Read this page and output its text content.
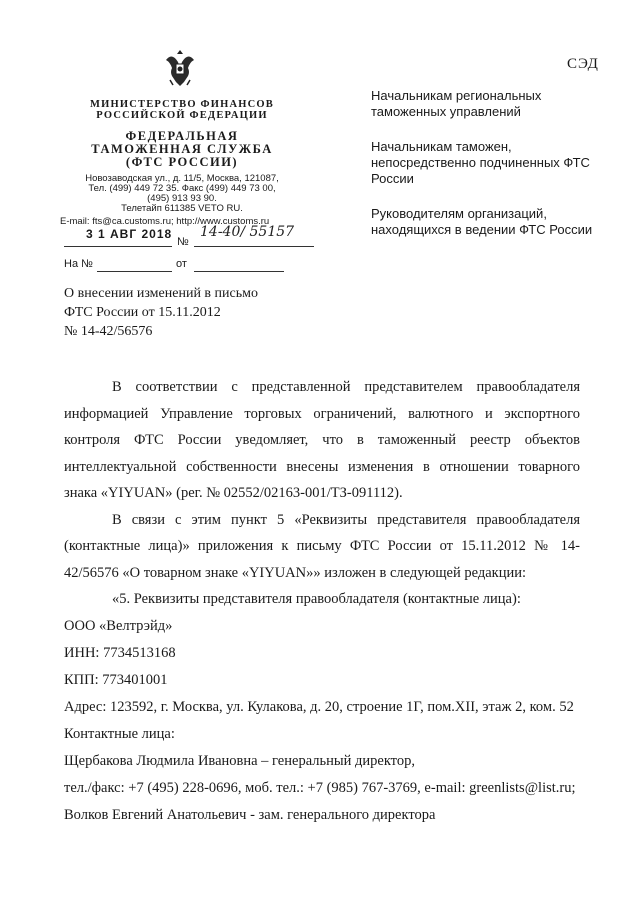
СЭД
МИНИСТЕРСТВО ФИНАНСОВ
РОССИЙСКОЙ ФЕДЕРАЦИИ
ФЕДЕРАЛЬНАЯ
ТАМОЖЕННАЯ СЛУЖБА
(ФТС РОССИИ)
Новозаводская ул., д. 11/5, Москва, 121087,
Тел. (499) 449 72 35. Факс (499) 449 73 00,
(495) 913 93 90.
Телетайп 611385 VETO RU.
E-mail: fts@ca.customs.ru; http://www.customs.ru
3 1 АВГ 2018
№
14-40/ 55157
На №	от
Начальникам региональных таможенных управлений
Начальникам таможен, непосредственно подчиненных ФТС России
Руководителям организаций, находящихся в ведении ФТС России
О внесении изменений в письмо
ФТС России от 15.11.2012
№ 14-42/56576

В соответствии с представленной представителем правообладателя информацией Управление торговых ограничений, валютного и экспортного контроля ФТС России уведомляет, что в таможенный реестр объектов интеллектуальной собственности внесены изменения в отношении товарного знака «YIYUAN» (рег. № 02552/02163-001/ТЗ-091112).

В связи с этим пункт 5 «Реквизиты представителя правообладателя (контактные лица)» приложения к письму ФТС России от 15.11.2012 № 14-42/56576 «О товарном знаке «YIYUAN»» изложен в следующей редакции:

«5. Реквизиты представителя правообладателя (контактные лица):

ООО «Велтрэйд»

ИНН: 7734513168

КПП: 773401001

Адрес: 123592, г. Москва, ул. Кулакова, д. 20, строение 1Г, пом.XII, этаж 2, ком. 52

Контактные лица:

Щербакова Людмила Ивановна – генеральный директор,

тел./факс: +7 (495) 228-0696, моб. тел.: +7 (985) 767-3769, e-mail: greenlists@list.ru;

Волков Евгений Анатольевич - зам. генерального директора
